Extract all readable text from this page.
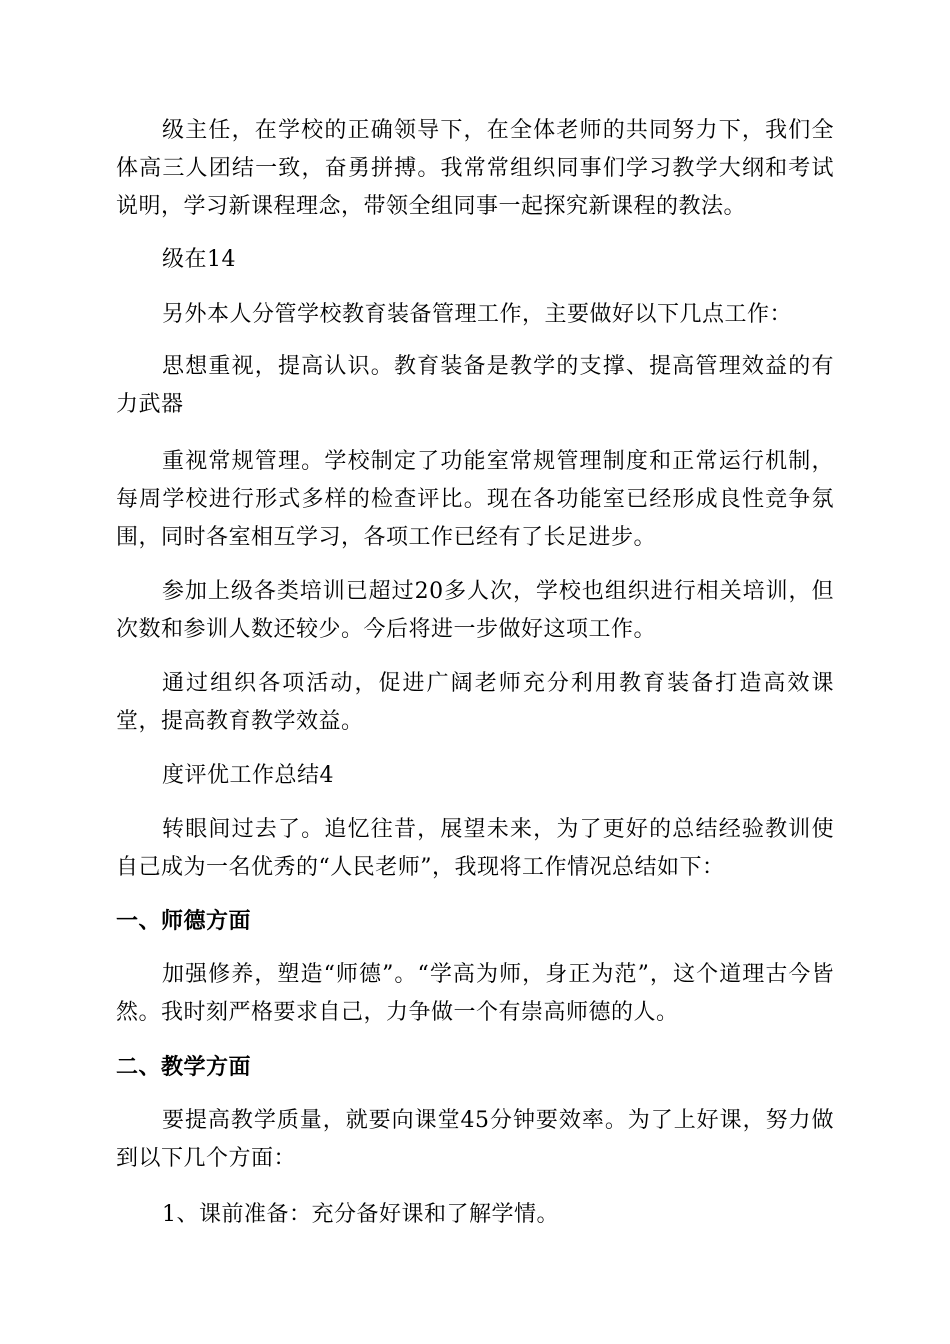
级主任，在学校的正确领导下，在全体老师的共同努力下，我们全体高三人团结一致，奋勇拼搏。我常常组织同事们学习教学大纲和考试说明，学习新课程理念，带领全组同事一起探究新课程的教法。

级在14

另外本人分管学校教育装备管理工作，主要做好以下几点工作：

思想重视，提高认识。教育装备是教学的支撑、提高管理效益的有力武器

重视常规管理。学校制定了功能室常规管理制度和正常运行机制，每周学校进行形式多样的检查评比。现在各功能室已经形成良性竞争氛围，同时各室相互学习，各项工作已经有了长足进步。

参加上级各类培训已超过20多人次，学校也组织进行相关培训，但次数和参训人数还较少。今后将进一步做好这项工作。

通过组织各项活动，促进广阔老师充分利用教育装备打造高效课堂，提高教育教学效益。

度评优工作总结4

转眼间过去了。追忆往昔，展望未来，为了更好的总结经验教训使自己成为一名优秀的“人民老师”，我现将工作情况总结如下：

一、师德方面

加强修养，塑造“师德”。“学高为师，身正为范”，这个道理古今皆然。我时刻严格要求自己，力争做一个有崇高师德的人。

二、教学方面

要提高教学质量，就要向课堂45分钟要效率。为了上好课，努力做到以下几个方面：

1、课前准备：充分备好课和了解学情。
